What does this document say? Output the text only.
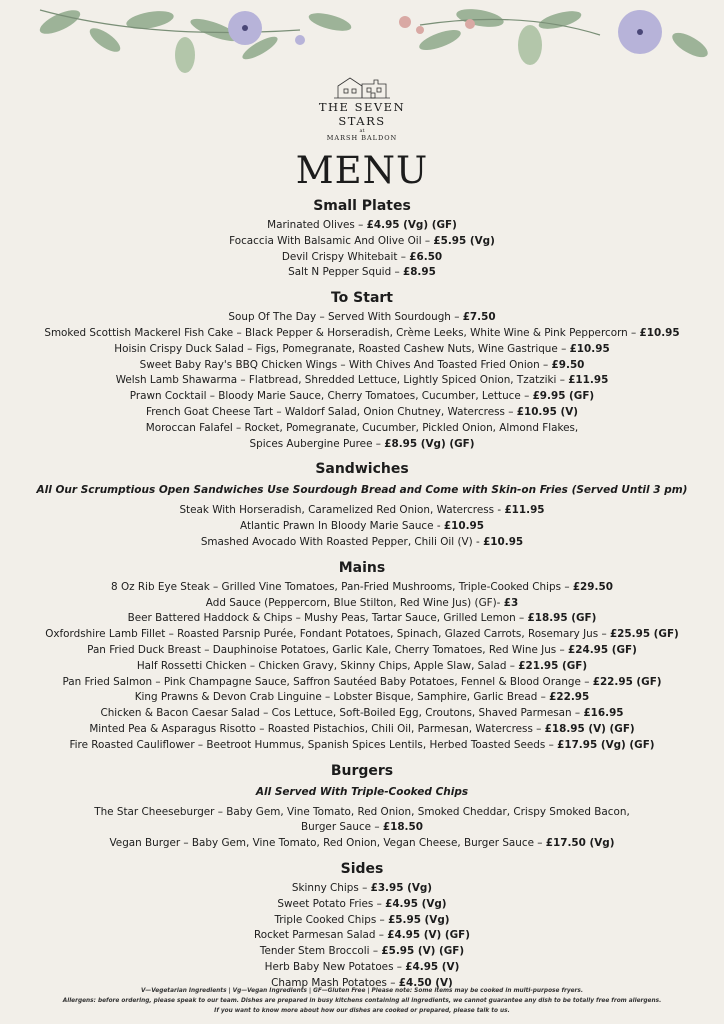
THE SEVEN
STARS
at
MARSH BALDON
MENU
Small Plates
Marinated Olives – £4.95 (Vg) (GF)
Focaccia With Balsamic And Olive Oil – £5.95 (Vg)
Devil Crispy Whitebait – £6.50
Salt N Pepper Squid – £8.95
To Start
Soup Of The Day – Served With Sourdough – £7.50
Smoked Scottish Mackerel Fish Cake – Black Pepper & Horseradish, Crème Leeks, White Wine & Pink Peppercorn – £10.95
Hoisin Crispy Duck Salad – Figs, Pomegranate, Roasted Cashew Nuts, Wine Gastrique – £10.95
Sweet Baby Ray's BBQ Chicken Wings – With Chives And Toasted Fried Onion – £9.50
Welsh Lamb Shawarma – Flatbread, Shredded Lettuce, Lightly Spiced Onion, Tzatziki – £11.95
Prawn Cocktail – Bloody Marie Sauce, Cherry Tomatoes, Cucumber, Lettuce – £9.95 (GF)
French Goat Cheese Tart – Waldorf Salad, Onion Chutney, Watercress – £10.95 (V)
Moroccan Falafel – Rocket, Pomegranate, Cucumber, Pickled Onion, Almond Flakes,
Spices Aubergine Puree – £8.95 (Vg) (GF)
Sandwiches
All Our Scrumptious Open Sandwiches Use Sourdough Bread and Come with Skin-on Fries (Served Until 3 pm)
Steak With Horseradish, Caramelized Red Onion, Watercress - £11.95
Atlantic Prawn In Bloody Marie Sauce - £10.95
Smashed Avocado With Roasted Pepper, Chili Oil (V) - £10.95
Mains
8 Oz Rib Eye Steak – Grilled Vine Tomatoes, Pan-Fried Mushrooms, Triple-Cooked Chips – £29.50
Add Sauce (Peppercorn, Blue Stilton, Red Wine Jus) (GF)- £3
Beer Battered Haddock & Chips – Mushy Peas, Tartar Sauce, Grilled Lemon – £18.95 (GF)
Oxfordshire Lamb Fillet – Roasted Parsnip Purée, Fondant Potatoes, Spinach, Glazed Carrots, Rosemary Jus – £25.95 (GF)
Pan Fried Duck Breast – Dauphinoise Potatoes, Garlic Kale, Cherry Tomatoes, Red Wine Jus – £24.95 (GF)
Half Rossetti Chicken – Chicken Gravy, Skinny Chips, Apple Slaw, Salad – £21.95 (GF)
Pan Fried Salmon – Pink Champagne Sauce, Saffron Sautéed Baby Potatoes, Fennel & Blood Orange – £22.95 (GF)
King Prawns & Devon Crab Linguine – Lobster Bisque, Samphire, Garlic Bread – £22.95
Chicken & Bacon Caesar Salad – Cos Lettuce, Soft-Boiled Egg, Croutons, Shaved Parmesan – £16.95
Minted Pea & Asparagus Risotto – Roasted Pistachios, Chili Oil, Parmesan, Watercress – £18.95 (V) (GF)
Fire Roasted Cauliflower – Beetroot Hummus, Spanish Spices Lentils, Herbed Toasted Seeds – £17.95 (Vg) (GF)
Burgers
All Served With Triple-Cooked Chips
The Star Cheeseburger – Baby Gem, Vine Tomato, Red Onion, Smoked Cheddar, Crispy Smoked Bacon,
Burger Sauce – £18.50
Vegan Burger – Baby Gem, Vine Tomato, Red Onion, Vegan Cheese, Burger Sauce – £17.50 (Vg)
Sides
Skinny Chips – £3.95 (Vg)
Sweet Potato Fries – £4.95 (Vg)
Triple Cooked Chips – £5.95 (Vg)
Rocket Parmesan Salad – £4.95 (V) (GF)
Tender Stem Broccoli – £5.95 (V) (GF)
Herb Baby New Potatoes – £4.95 (V)
Champ Mash Potatoes – £4.50 (V)
V—Vegetarian Ingredients | Vg—Vegan Ingredients | GF—Gluten Free | Please note: Some items may be cooked in multi-purpose fryers.
Allergens: before ordering, please speak to our team. Dishes are prepared in busy kitchens containing all ingredients, we cannot guarantee any dish to be totally free from allergens.
If you want to know more about how our dishes are cooked or prepared, please talk to us.
